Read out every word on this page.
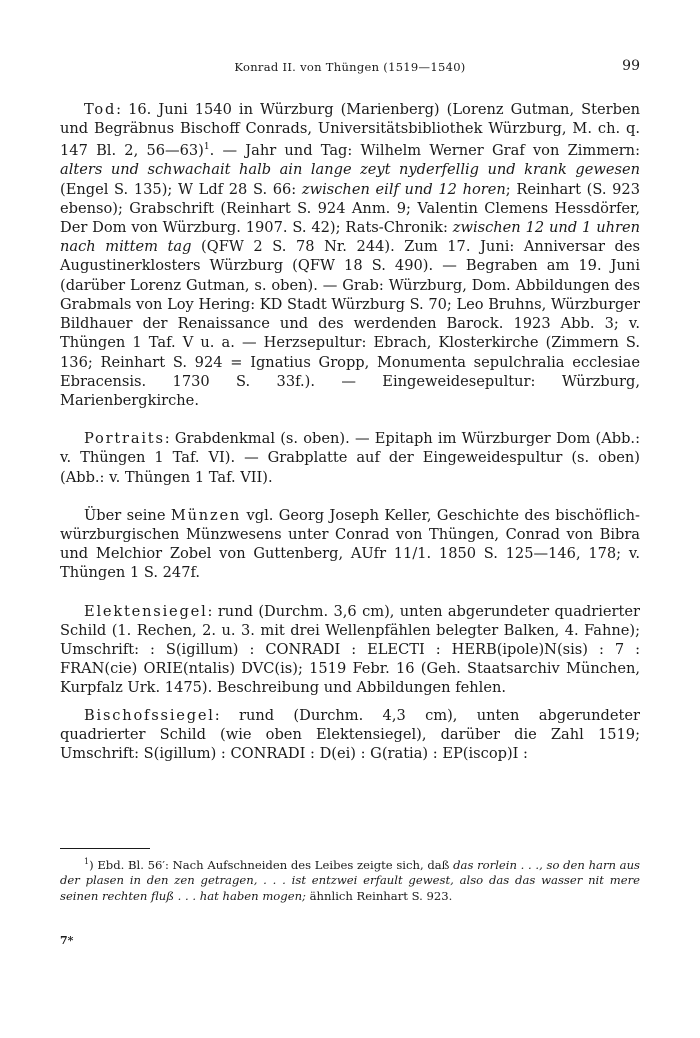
Konrad II. von Thüngen (1519—1540)	99

Tod: 16. Juni 1540 in Würzburg (Marienberg) (Lorenz Gutman, Sterben und Begräbnus Bischoff Conrads, Universitätsbibliothek Würzburg, M. ch. q. 147 Bl. 2, 56—63)$^1$. — Jahr und Tag: Wilhelm Werner Graf von Zimmern: alters und schwachait halb ain lange zeyt nyderfellig und krank gewesen (Engel S. 135); W Ldf 28 S. 66: zwischen eilf und 12 horen; Reinhart (S. 923 ebenso); Grabschrift (Reinhart S. 924 Anm. 9; Valentin Clemens Hessdörfer, Der Dom von Würzburg. 1907. S. 42); Rats-Chronik: zwischen 12 und 1 uhren nach mittem tag (QFW 2 S. 78 Nr. 244). Zum 17. Juni: Anniversar des Augustinerklosters Würzburg (QFW 18 S. 490). — Begraben am 19. Juni (darüber Lorenz Gutman, s. oben). — Grab: Würzburg, Dom. Abbildungen des Grabmals von Loy Hering: KD Stadt Würzburg S. 70; Leo Bruhns, Würzburger Bildhauer der Renaissance und des werdenden Barock. 1923 Abb. 3; v. Thüngen 1 Taf. V u. a. — Herzsepultur: Ebrach, Klosterkirche (Zimmern S. 136; Reinhart S. 924 = Ignatius Gropp, Monumenta sepulchralia ecclesiae Ebracensis. 1730 S. 33f.). — Eingeweidesepultur: Würzburg, Marienbergkirche.

Portraits: Grabdenkmal (s. oben). — Epitaph im Würzburger Dom (Abb.: v. Thüngen 1 Taf. VI). — Grabplatte auf der Eingeweidespultur (s. oben) (Abb.: v. Thüngen 1 Taf. VII).

Über seine Münzen vgl. Georg Joseph Keller, Geschichte des bischöflich-würzburgischen Münzwesens unter Conrad von Thüngen, Conrad von Bibra und Melchior Zobel von Guttenberg, AUfr 11/1. 1850 S. 125—146, 178; v. Thüngen 1 S. 247f.

Elektensiegel: rund (Durchm. 3,6 cm), unten abgerundeter quadrierter Schild (1. Rechen, 2. u. 3. mit drei Wellenpfählen belegter Balken, 4. Fahne); Umschrift: : S(igillum) : CONRADI : ELECTI : HERB(ipole)N(sis) : 7 : FRAN(cie) ORIE(ntalis) DVC(is); 1519 Febr. 16 (Geh. Staatsarchiv München, Kurpfalz Urk. 1475). Beschreibung und Abbildungen fehlen.

Bischofssiegel: rund (Durchm. 4,3 cm), unten abgerundeter quadrierter Schild (wie oben Elektensiegel), darüber die Zahl 1519; Umschrift: S(igillum) : CONRADI : D(ei) : G(ratia) : EP(iscop)I :

$^1$) Ebd. Bl. 56′: Nach Aufschneiden des Leibes zeigte sich, daß das rorlein . . ., so den harn aus der plasen in den zen getragen, . . . ist entzwei erfault gewest, also das das wasser nit mere seinen rechten fluß . . . hat haben mogen; ähnlich Reinhart S. 923.
7*
